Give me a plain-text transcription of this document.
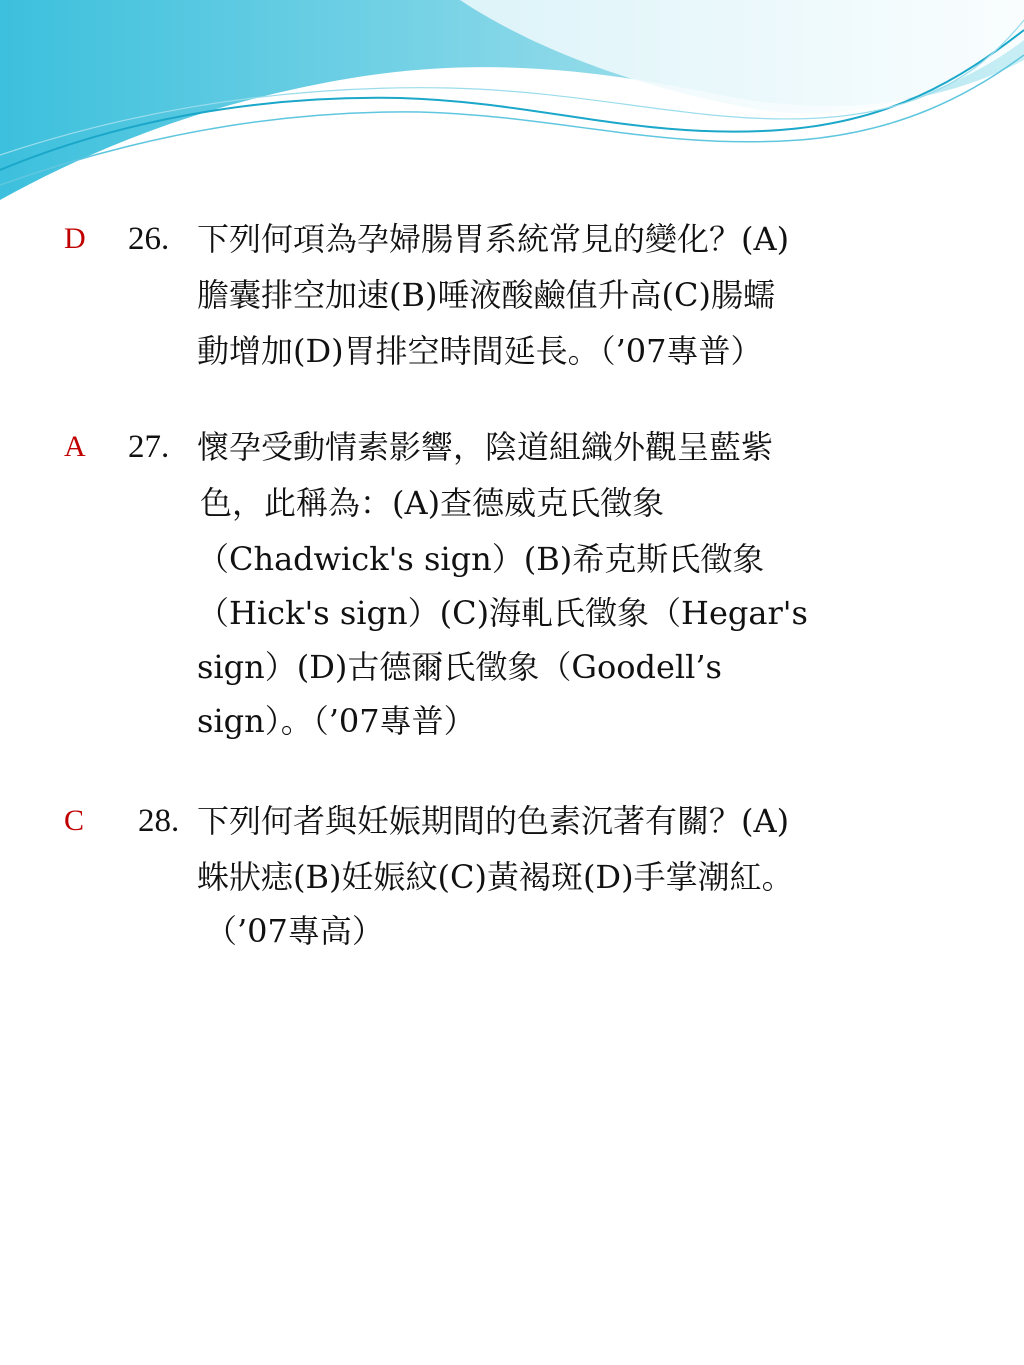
D 26. 下列何項為孕婦腸胃系統常見的變化？(A)
膽囊排空加速(B)唾液酸鹼值升高(C)腸蠕
動增加(D)胃排空時間延長。（’07專普）
A 27. 懷孕受動情素影響，陰道組織外觀呈藍紫
色，此稱為：(A)查德威克氏徵象
（Chadwick's sign）(B)希克斯氏徵象
（Hick's sign）(C)海軋氏徵象（Hegar's
sign）(D)古德爾氏徵象（Goodell’s
sign）。（’07專普）
C 28. 下列何者與妊娠期間的色素沉著有關？(A)
蛛狀痣(B)妊娠紋(C)黃褐斑(D)手掌潮紅。
（’07專高）
